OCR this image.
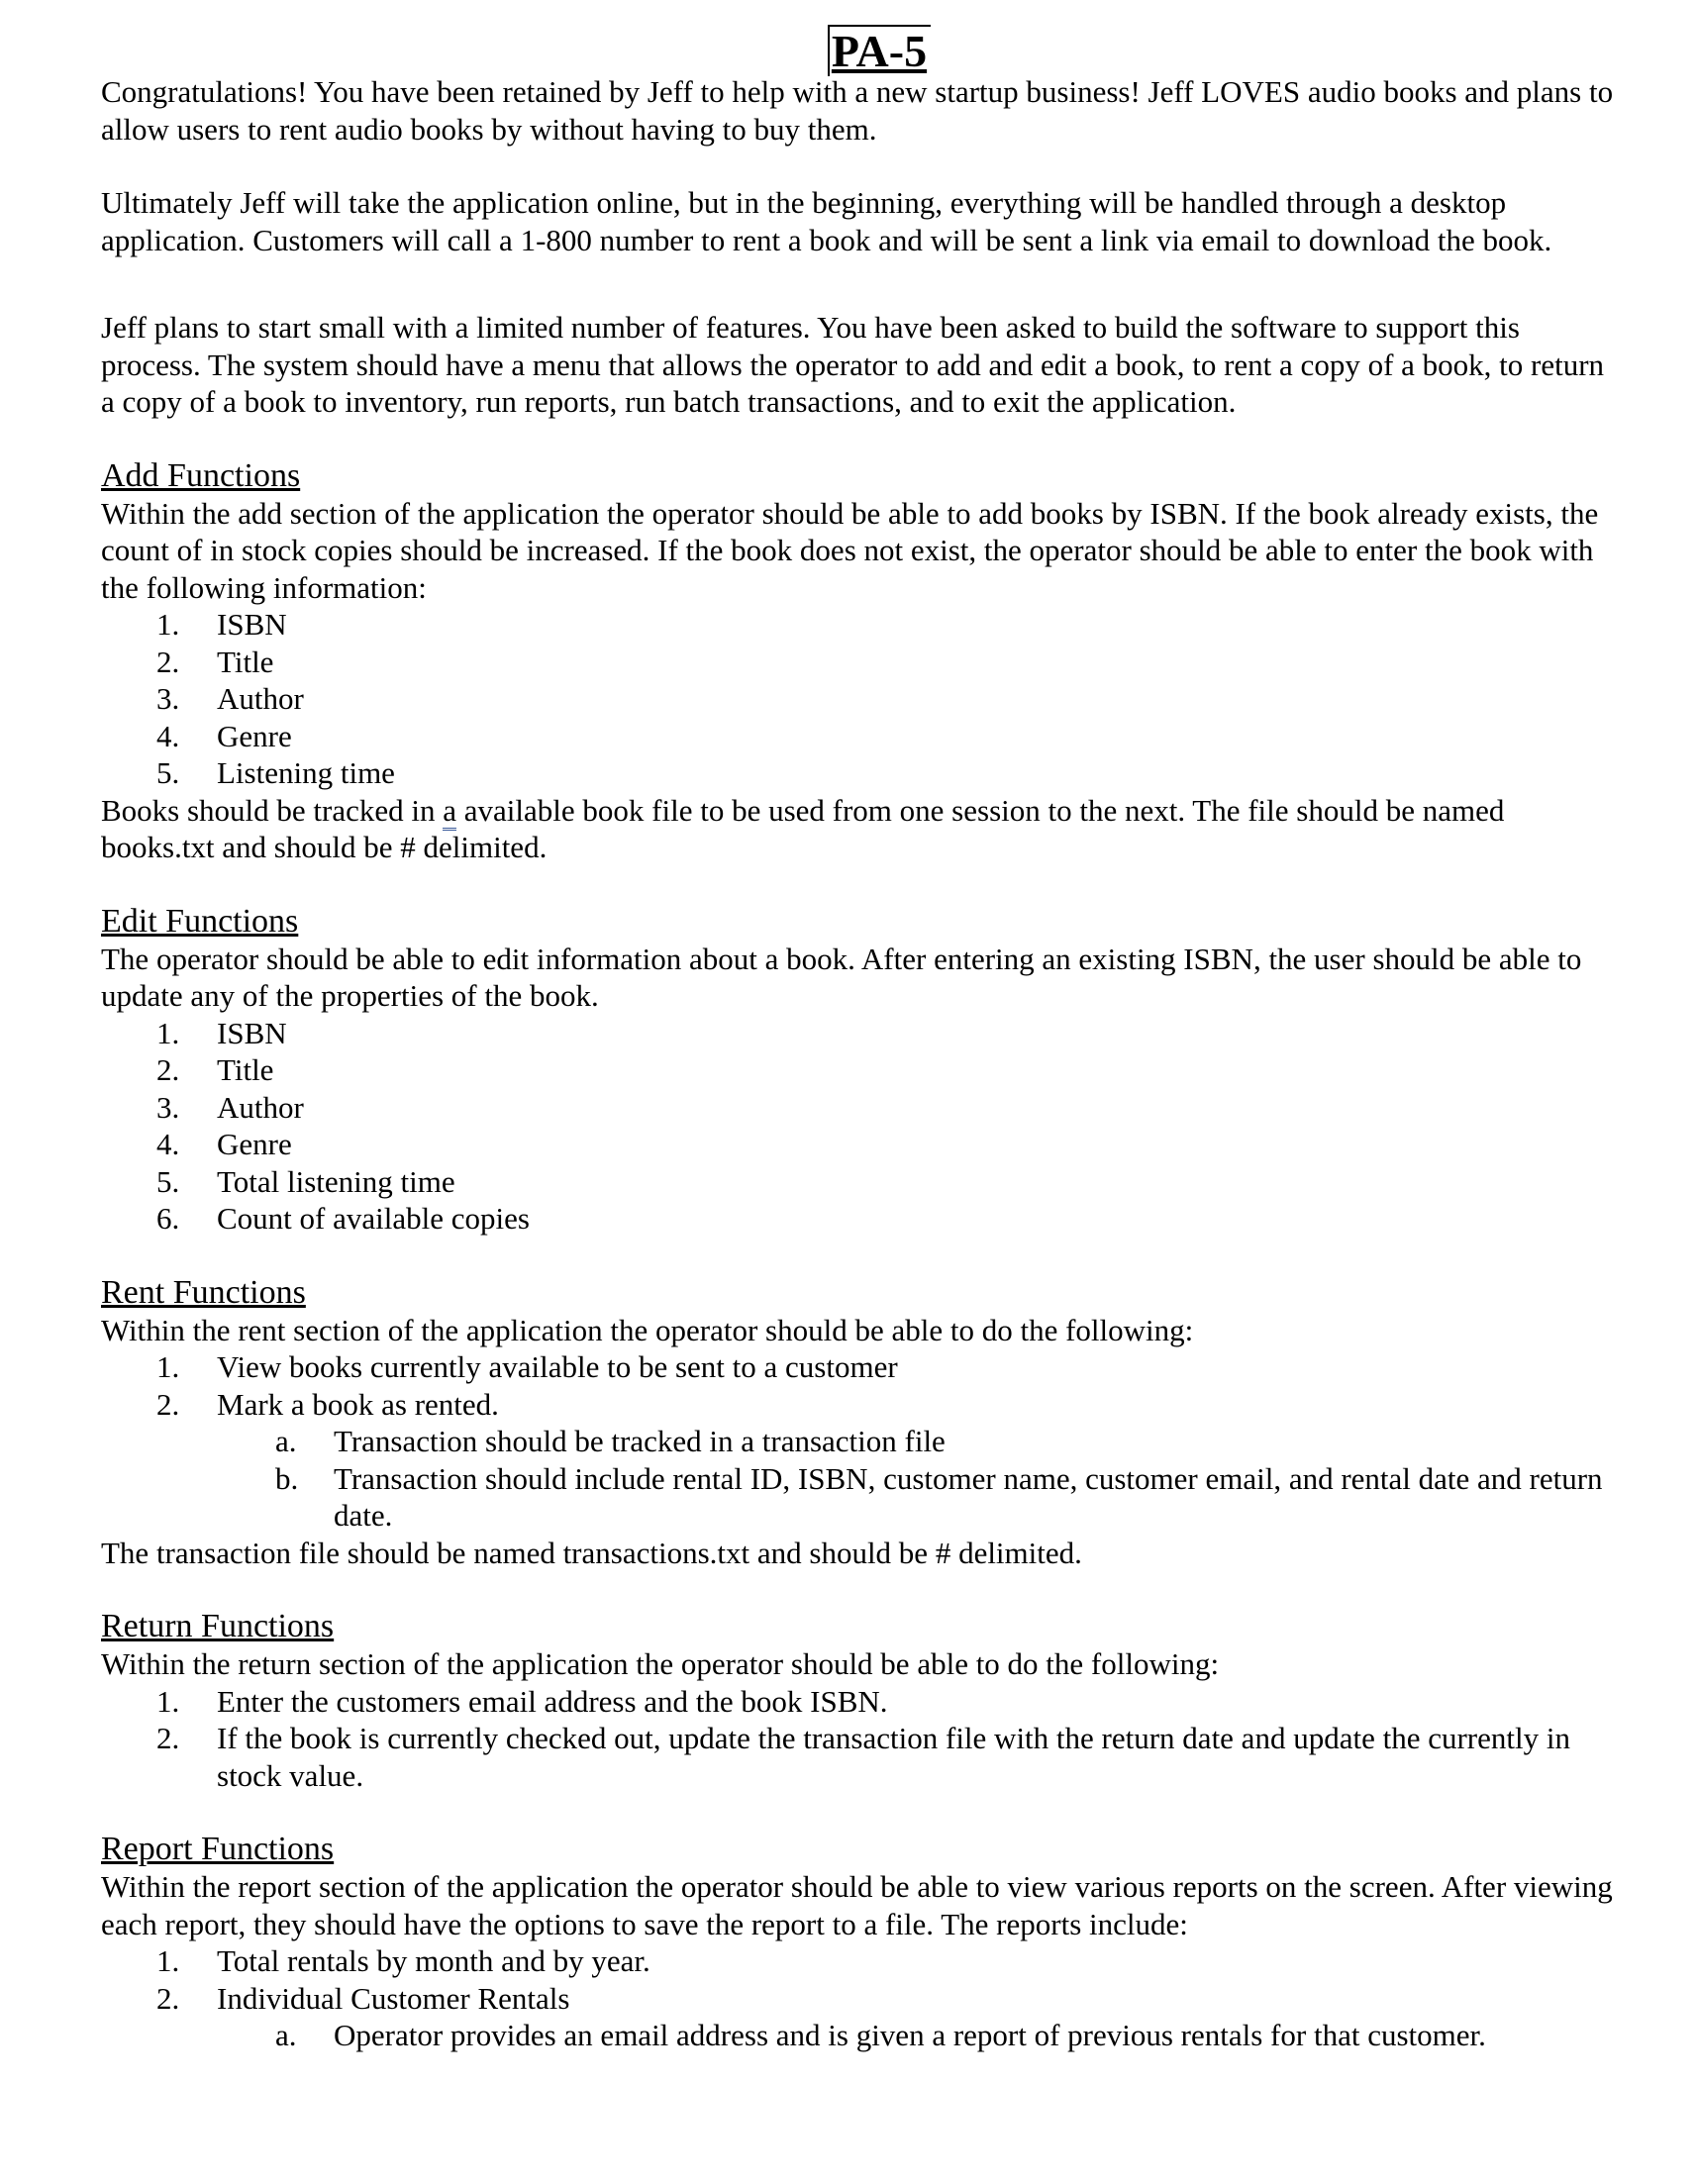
PA-5

Congratulations! You have been retained by Jeff to help with a new startup business! Jeff LOVES audio books and plans to allow users to rent audio books by without having to buy them.

Ultimately Jeff will take the application online, but in the beginning, everything will be handled through a desktop application. Customers will call a 1-800 number to rent a book and will be sent a link via email to download the book.

Jeff plans to start small with a limited number of features. You have been asked to build the software to support this process. The system should have a menu that allows the operator to add and edit a book, to rent a copy of a book, to return a copy of a book to inventory, run reports, run batch transactions, and to exit the application.

Add Functions

Within the add section of the application the operator should be able to add books by ISBN. If the book already exists, the count of in stock copies should be increased. If the book does not exist, the operator should be able to enter the book with the following information:

1.	ISBN
2.	Title
3.	Author
4.	Genre
5.	Listening time

Books should be tracked in a available book file to be used from one session to the next. The file should be named books.txt and should be # delimited.

Edit Functions

The operator should be able to edit information about a book. After entering an existing ISBN, the user should be able to update any of the properties of the book.

1.	ISBN
2.	Title
3.	Author
4.	Genre
5.	Total listening time
6.	Count of available copies
Rent Functions

Within the rent section of the application the operator should be able to do the following:

1.	View books currently available to be sent to a customer
2.	Mark a book as rented.
a.	Transaction should be tracked in a transaction file
b.	Transaction should include rental ID, ISBN, customer name, customer email, and rental date and return date.

The transaction file should be named transactions.txt and should be # delimited.

Return Functions

Within the return section of the application the operator should be able to do the following:

1.	Enter the customers email address and the book ISBN.
2.	If the book is currently checked out, update the transaction file with the return date and update the currently in stock value.
Report Functions

Within the report section of the application the operator should be able to view various reports on the screen. After viewing each report, they should have the options to save the report to a file. The reports include:

1.	Total rentals by month and by year.
2.	Individual Customer Rentals
a.	Operator provides an email address and is given a report of previous rentals for that customer.
